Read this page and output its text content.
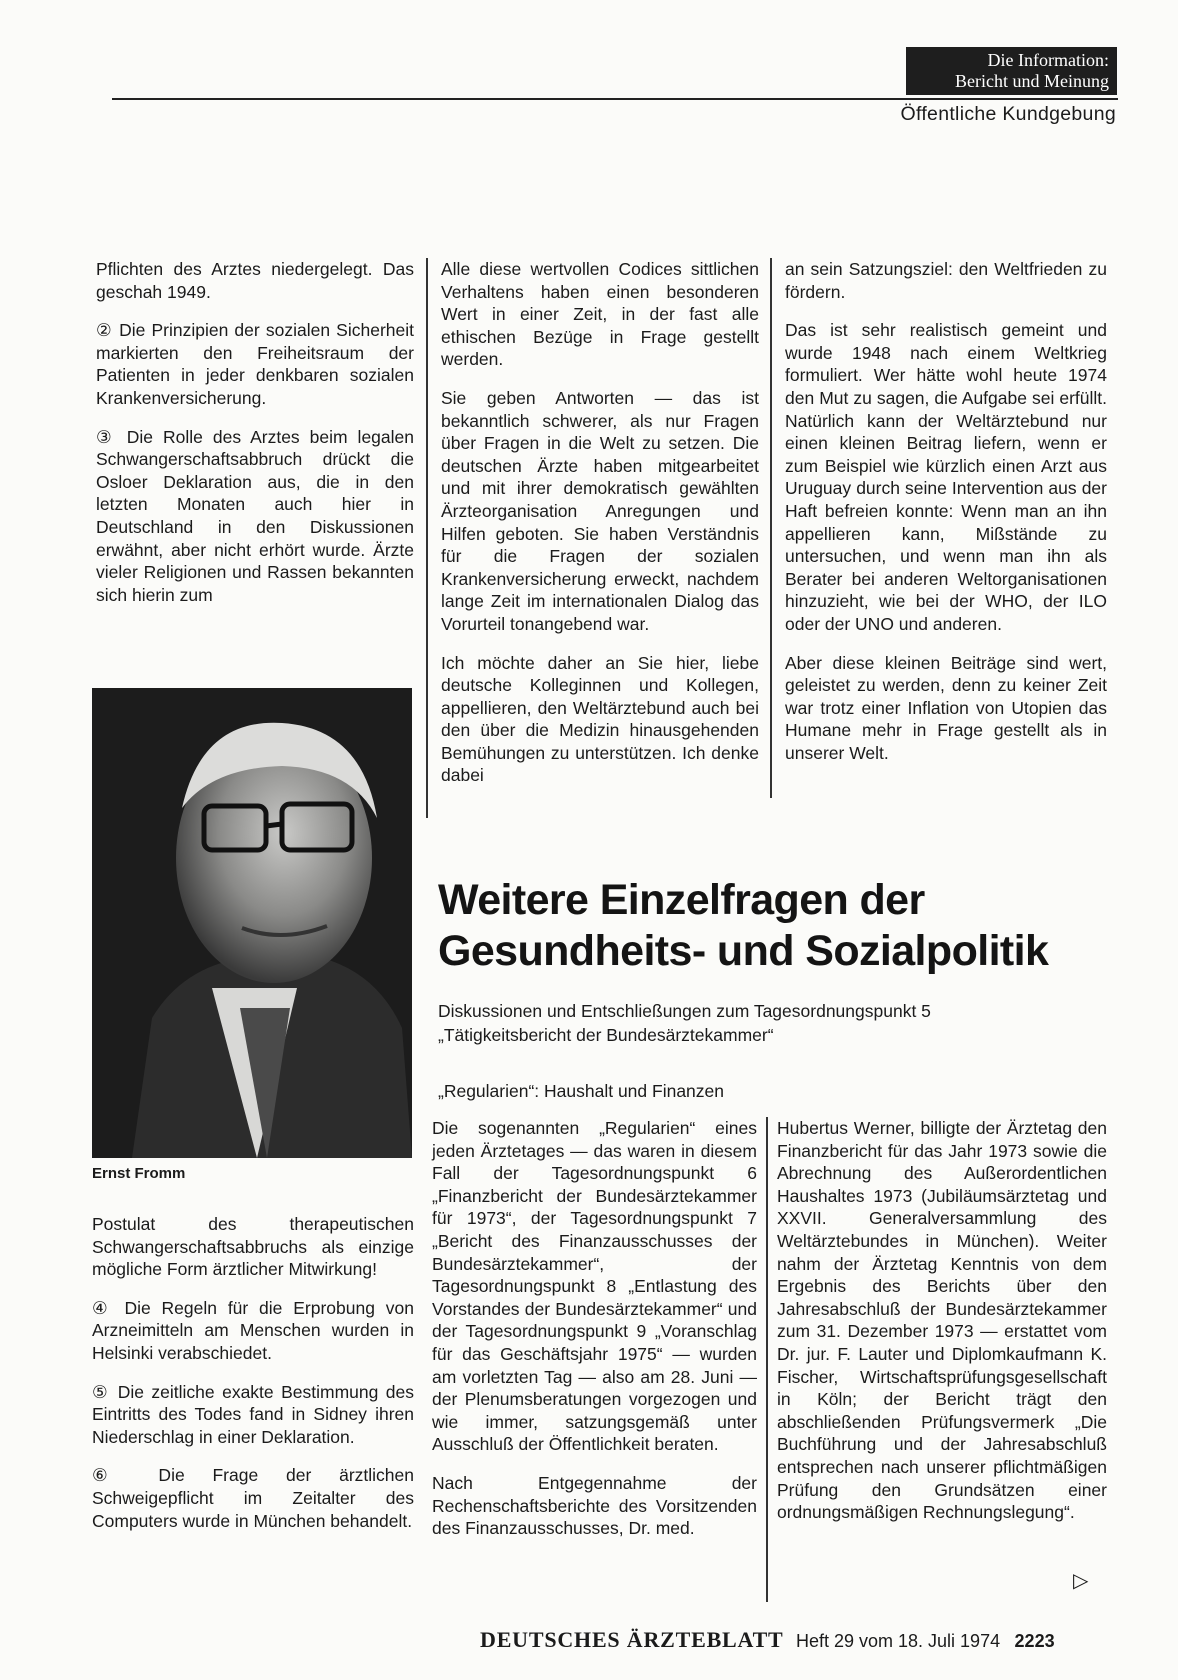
Die Information:
Bericht und Meinung
Öffentliche Kundgebung

Pflichten des Arztes niedergelegt. Das geschah 1949.

② Die Prinzipien der sozialen Sicherheit markierten den Freiheitsraum der Patienten in jeder denkbaren sozialen Krankenversicherung.

③ Die Rolle des Arztes beim legalen Schwangerschaftsabbruch drückt die Osloer Deklaration aus, die in den letzten Monaten auch hier in Deutschland in den Diskussionen erwähnt, aber nicht erhört wurde. Ärzte vieler Religionen und Rassen bekannten sich hierin zum

Alle diese wertvollen Codices sittlichen Verhaltens haben einen besonderen Wert in einer Zeit, in der fast alle ethischen Bezüge in Frage gestellt werden.

Sie geben Antworten — das ist bekanntlich schwerer, als nur Fragen über Fragen in die Welt zu setzen. Die deutschen Ärzte haben mitgearbeitet und mit ihrer demokratisch gewählten Ärzteorganisation Anregungen und Hilfen geboten. Sie haben Verständnis für die Fragen der sozialen Krankenversicherung erweckt, nachdem lange Zeit im internationalen Dialog das Vorurteil tonangebend war.

Ich möchte daher an Sie hier, liebe deutsche Kolleginnen und Kollegen, appellieren, den Weltärztebund auch bei den über die Medizin hinausgehenden Bemühungen zu unterstützen. Ich denke dabei

an sein Satzungsziel: den Weltfrieden zu fördern.

Das ist sehr realistisch gemeint und wurde 1948 nach einem Weltkrieg formuliert. Wer hätte wohl heute 1974 den Mut zu sagen, die Aufgabe sei erfüllt. Natürlich kann der Weltärztebund nur einen kleinen Beitrag liefern, wenn er zum Beispiel wie kürzlich einen Arzt aus Uruguay durch seine Intervention aus der Haft befreien konnte: Wenn man an ihn appellieren kann, Mißstände zu untersuchen, und wenn man ihn als Berater bei anderen Weltorganisationen hinzuzieht, wie bei der WHO, der ILO oder der UNO und anderen.

Aber diese kleinen Beiträge sind wert, geleistet zu werden, denn zu keiner Zeit war trotz einer Inflation von Utopien das Humane mehr in Frage gestellt als in unserer Welt.

Ernst Fromm

Postulat des therapeutischen Schwangerschaftsabbruchs als einzige mögliche Form ärztlicher Mitwirkung!

④ Die Regeln für die Erprobung von Arzneimitteln am Menschen wurden in Helsinki verabschiedet.

⑤ Die zeitliche exakte Bestimmung des Eintritts des Todes fand in Sidney ihren Niederschlag in einer Deklaration.

⑥ Die Frage der ärztlichen Schweigepflicht im Zeitalter des Computers wurde in München behandelt.

Weitere Einzelfragen der
Gesundheits- und Sozialpolitik
Diskussionen und Entschließungen zum Tagesordnungspunkt 5
„Tätigkeitsbericht der Bundesärztekammer“
„Regularien“: Haushalt und Finanzen

Die sogenannten „Regularien“ eines jeden Ärztetages — das waren in diesem Fall der Tagesordnungspunkt 6 „Finanzbericht der Bundesärztekammer für 1973“, der Tagesordnungspunkt 7 „Bericht des Finanzausschusses der Bundesärztekammer“, der Tagesordnungspunkt 8 „Entlastung des Vorstandes der Bundesärztekammer“ und der Tagesordnungspunkt 9 „Voranschlag für das Geschäftsjahr 1975“ — wurden am vorletzten Tag — also am 28. Juni — der Plenumsberatungen vorgezogen und wie immer, satzungsgemäß unter Ausschluß der Öffentlichkeit beraten.

Nach Entgegennahme der Rechenschaftsberichte des Vorsitzenden des Finanzausschusses, Dr. med.

Hubertus Werner, billigte der Ärztetag den Finanzbericht für das Jahr 1973 sowie die Abrechnung des Außerordentlichen Haushaltes 1973 (Jubiläumsärztetag und XXVII. Generalversammlung des Weltärztebundes in München). Weiter nahm der Ärztetag Kenntnis von dem Ergebnis des Berichts über den Jahresabschluß der Bundesärztekammer zum 31. Dezember 1973 — erstattet vom Dr. jur. F. Lauter und Diplomkaufmann K. Fischer, Wirtschaftsprüfungsgesellschaft in Köln; der Bericht trägt den abschließenden Prüfungsvermerk „Die Buchführung und der Jahresabschluß entsprechen nach unserer pflichtmäßigen Prüfung den Grundsätzen einer ordnungsmäßigen Rechnungslegung“.

▷
DEUTSCHES ÄRZTEBLATT Heft 29 vom 18. Juli 1974 2223
